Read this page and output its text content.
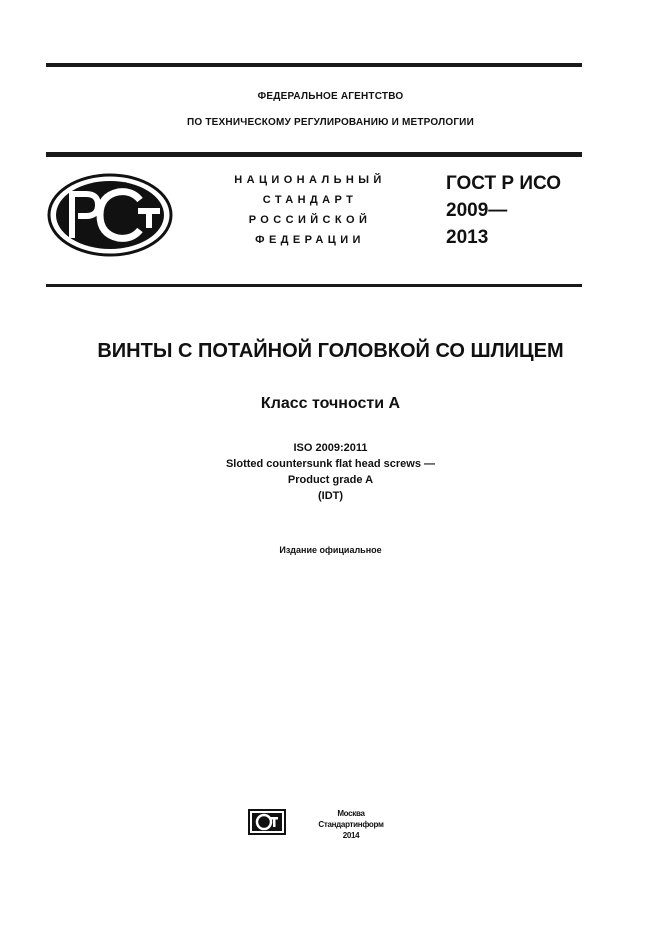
ФЕДЕРАЛЬНОЕ АГЕНТСТВО
ПО ТЕХНИЧЕСКОМУ РЕГУЛИРОВАНИЮ И МЕТРОЛОГИИ
НАЦИОНАЛЬНЫЙ
СТАНДАРТ
РОССИЙСКОЙ
ФЕДЕРАЦИИ
ГОСТ Р ИСО
2009—
2013
ВИНТЫ С ПОТАЙНОЙ ГОЛОВКОЙ СО ШЛИЦЕМ
Класс точности А
ISO 2009:2011
Slotted countersunk flat head screws —
Product grade A
(IDT)
Издание официальное
Москва
Стандартинформ
2014
